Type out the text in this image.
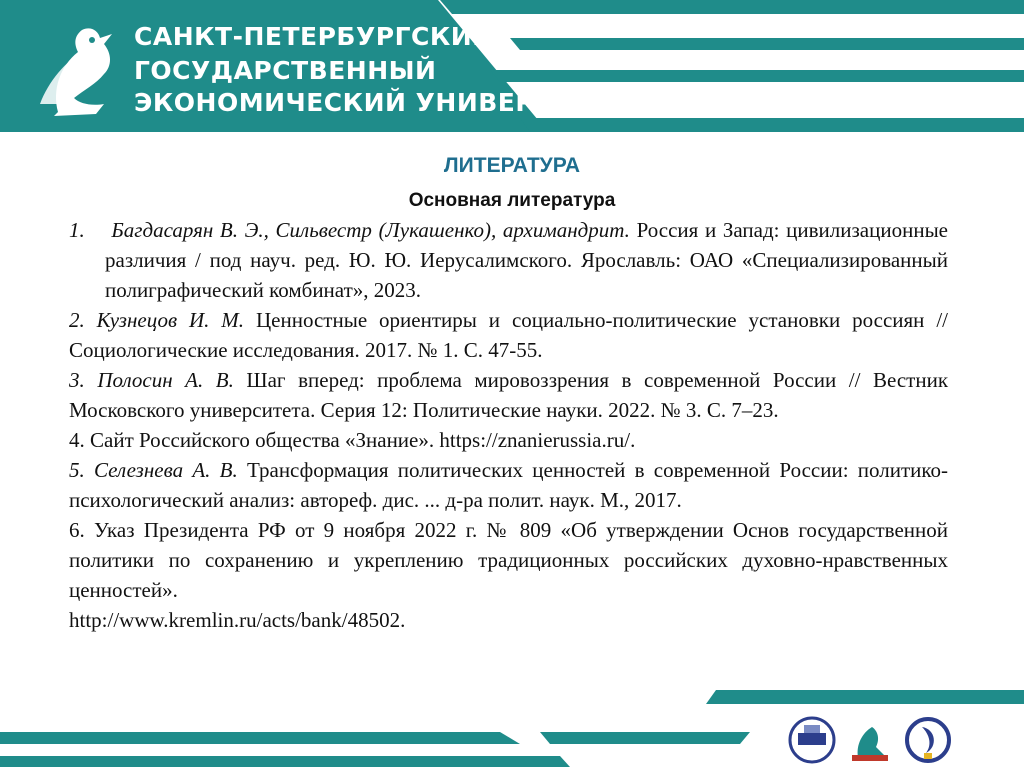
САНКТ-ПЕТЕРБУРГСКИЙ
ГОСУДАРСТВЕННЫЙ
ЭКОНОМИЧЕСКИЙ УНИВЕРСИТЕТ
ЛИТЕРАТУРА
Основная литература

1. Багдасарян В. Э., Сильвестр (Лукашенко), архимандрит. Россия и Запад: цивилизационные различия / под науч. ред. Ю. Ю. Иерусалимского. Ярославль: ОАО «Специализированный полиграфический комбинат», 2023.

2. Кузнецов И. М. Ценностные ориентиры и социально-политические установки россиян // Социологические исследования. 2017. № 1. С. 47-55.

3. Полосин А. В. Шаг вперед: проблема мировоззрения в современной России // Вестник Московского университета. Серия 12: Политические науки. 2022. № 3. С. 7–23.

4. Сайт Российского общества «Знание». https://znanierussia.ru/.

5. Селезнева А. В. Трансформация политических ценностей в современной России: политико-психологический анализ: автореф. дис. ... д-ра полит. наук. М., 2017.

6. Указ Президента РФ от 9 ноября 2022 г. № 809 «Об утверждении Основ государственной политики по сохранению и укреплению традиционных российских духовно-нравственных ценностей».

http://www.kremlin.ru/acts/bank/48502.
